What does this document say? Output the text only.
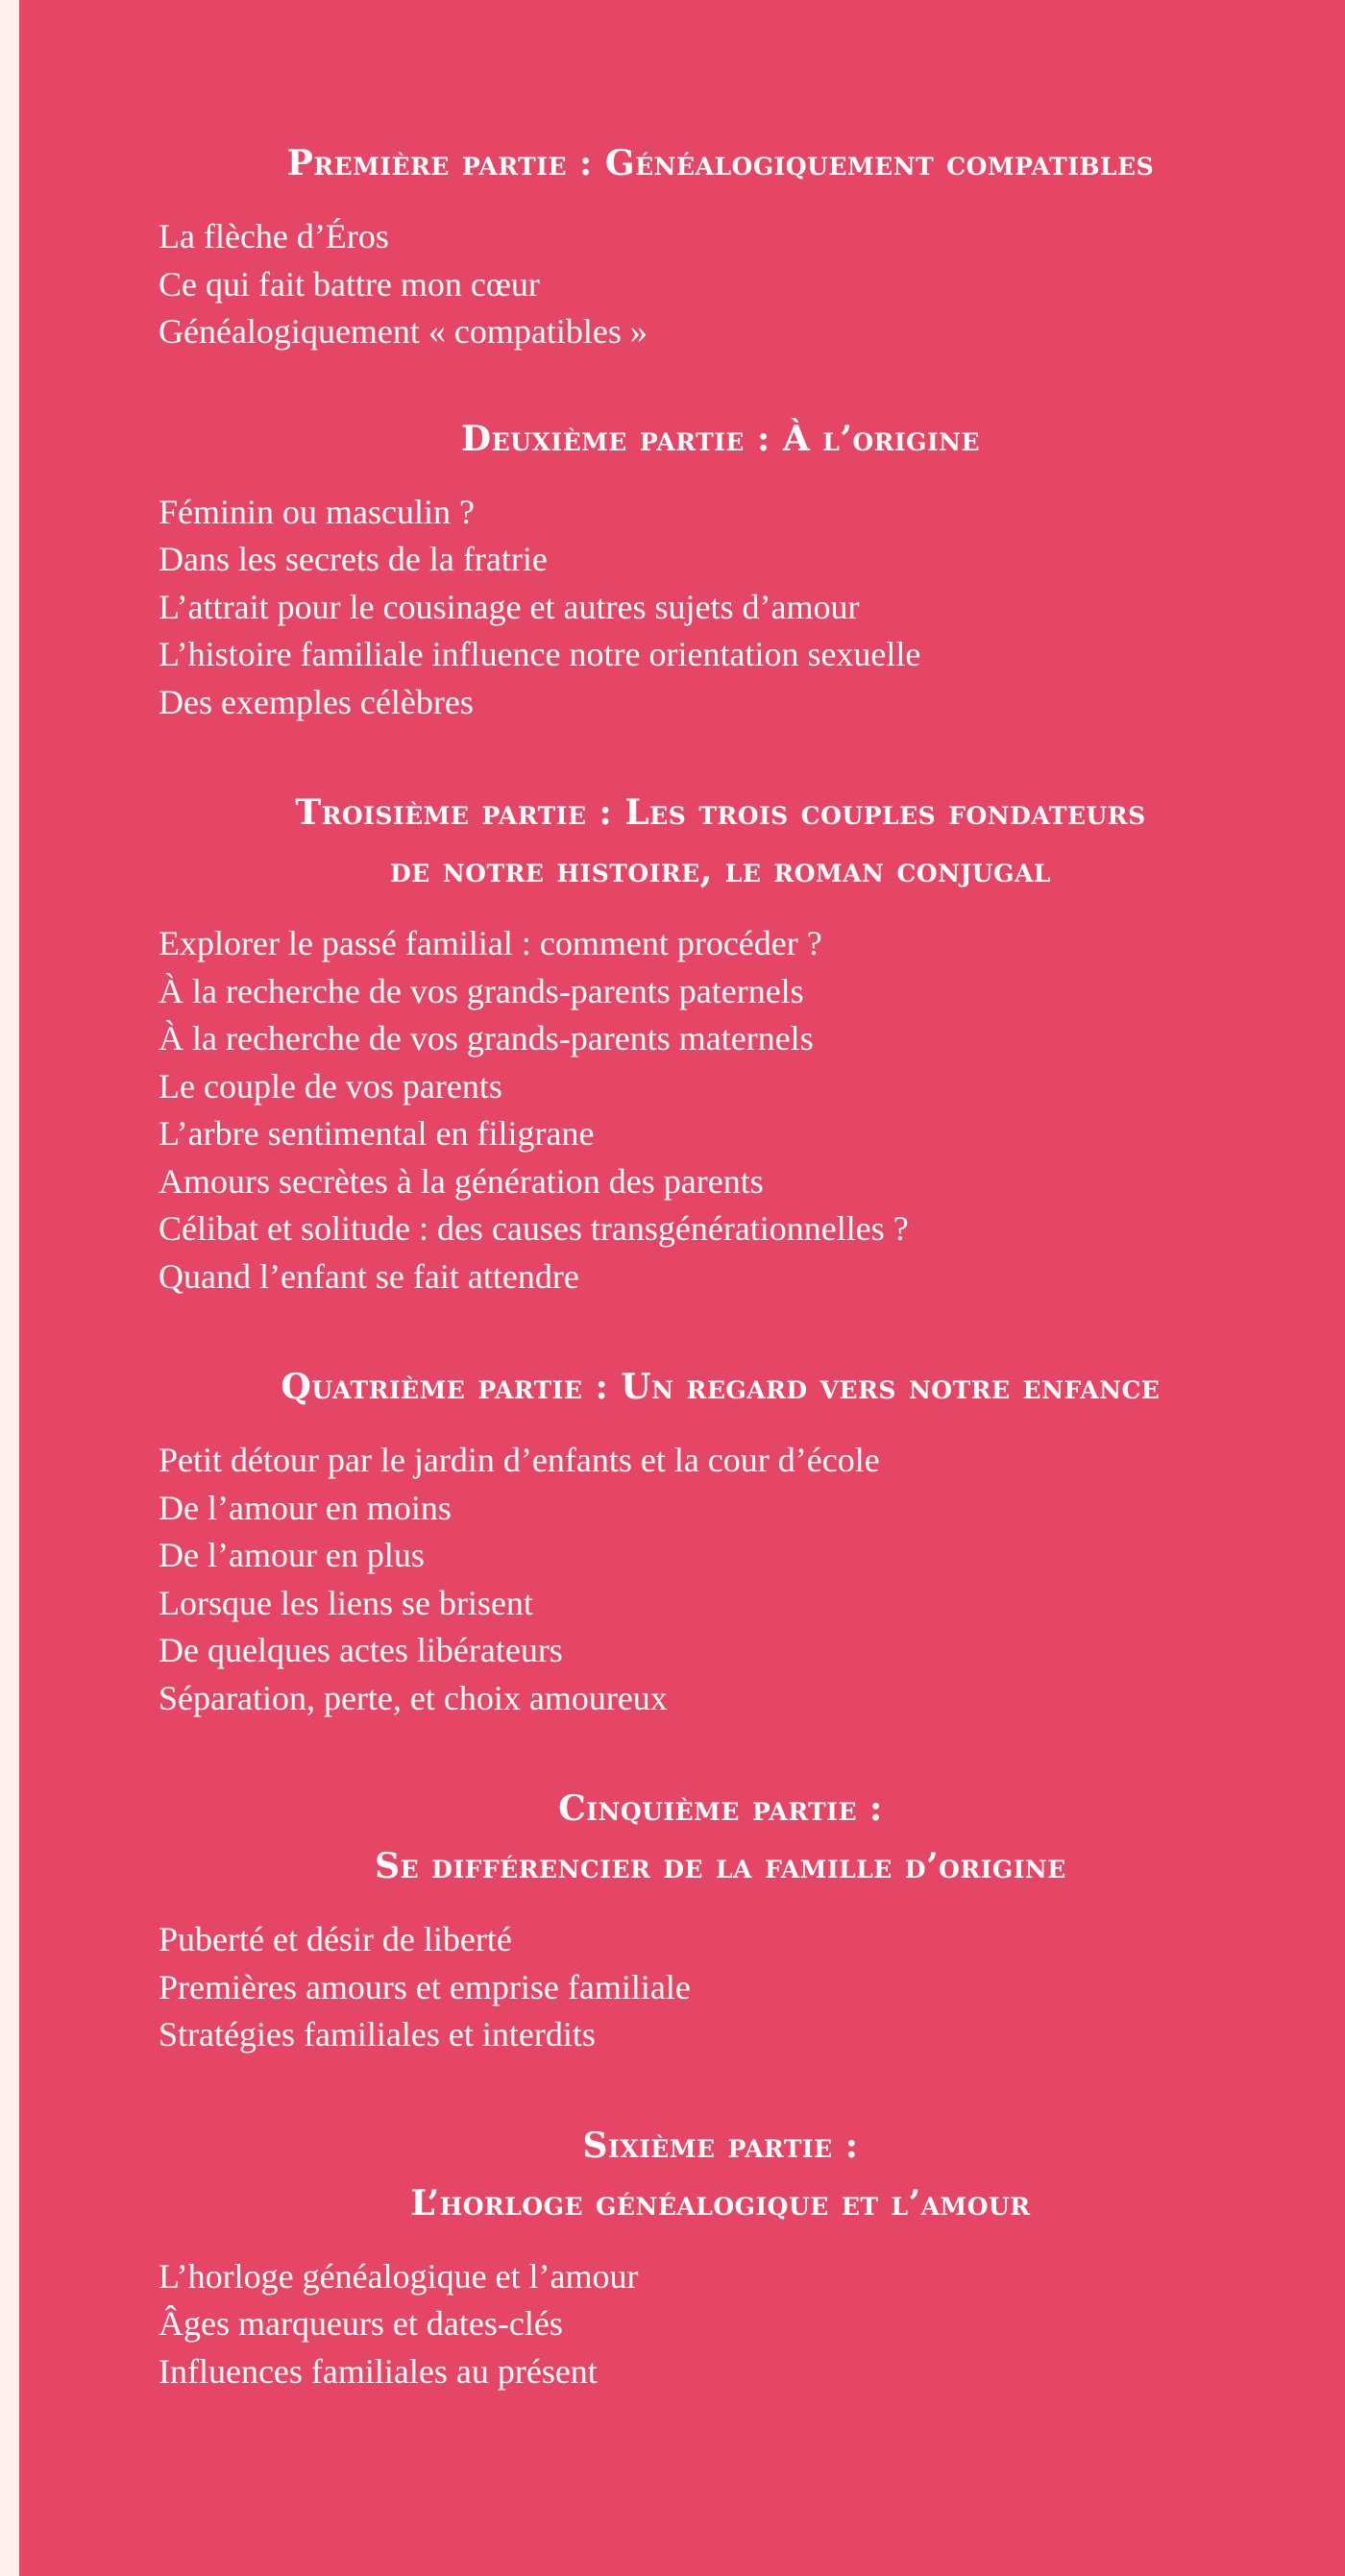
Première partie : Généalogiquement compatibles
La flèche d’Éros
Ce qui fait battre mon cœur
Généalogiquement « compatibles »
Deuxième partie : À l’origine
Féminin ou masculin ?
Dans les secrets de la fratrie
L’attrait pour le cousinage et autres sujets d’amour
L’histoire familiale influence notre orientation sexuelle
Des exemples célèbres
Troisième partie : Les trois couples fondateurs
de notre histoire, le roman conjugal
Explorer le passé familial : comment procéder ?
À la recherche de vos grands-parents paternels
À la recherche de vos grands-parents maternels
Le couple de vos parents
L’arbre sentimental en filigrane
Amours secrètes à la génération des parents
Célibat et solitude : des causes transgénérationnelles ?
Quand l’enfant se fait attendre
Quatrième partie : Un regard vers notre enfance
Petit détour par le jardin d’enfants et la cour d’école
De l’amour en moins
De l’amour en plus
Lorsque les liens se brisent
De quelques actes libérateurs
Séparation, perte, et choix amoureux
Cinquième partie :
Se différencier de la famille d’origine
Puberté et désir de liberté
Premières amours et emprise familiale
Stratégies familiales et interdits
Sixième partie :
L’horloge généalogique et l’amour
L’horloge généalogique et l’amour
Âges marqueurs et dates-clés
Influences familiales au présent
